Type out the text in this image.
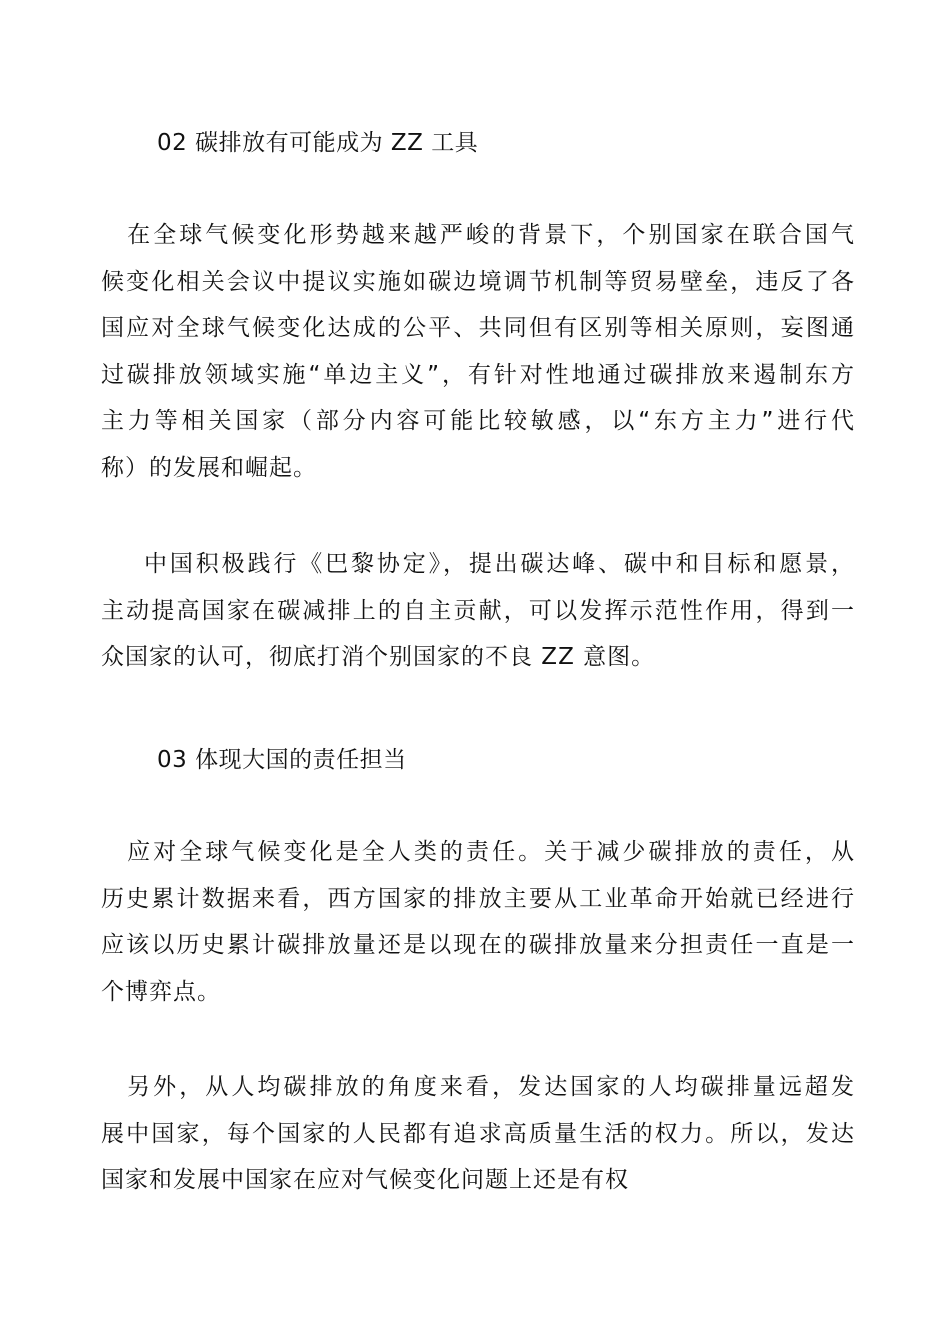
02 碳排放有可能成为 ZZ 工具
　在全球气候变化形势越来越严峻的背景下，个别国家在联合国气
候变化相关会议中提议实施如碳边境调节机制等贸易壁垒，违反了各
国应对全球气候变化达成的公平、共同但有区别等相关原则，妄图通
过碳排放领域实施“单边主义”，有针对性地通过碳排放来遏制东方
主力等相关国家（部分内容可能比较敏感，以“东方主力”进行代
称）的发展和崛起。
中国积极践行《巴黎协定》，提出碳达峰、碳中和目标和愿景，
主动提高国家在碳减排上的自主贡献，可以发挥示范性作用，得到一
众国家的认可，彻底打消个别国家的不良 ZZ 意图。
03 体现大国的责任担当
　应对全球气候变化是全人类的责任。关于减少碳排放的责任，从
历史累计数据来看，西方国家的排放主要从工业革命开始就已经进行
应该以历史累计碳排放量还是以现在的碳排放量来分担责任一直是一
个博弈点。
　另外，从人均碳排放的角度来看，发达国家的人均碳排量远超发
展中国家，每个国家的人民都有追求高质量生活的权力。所以，发达
国家和发展中国家在应对气候变化问题上还是有权
